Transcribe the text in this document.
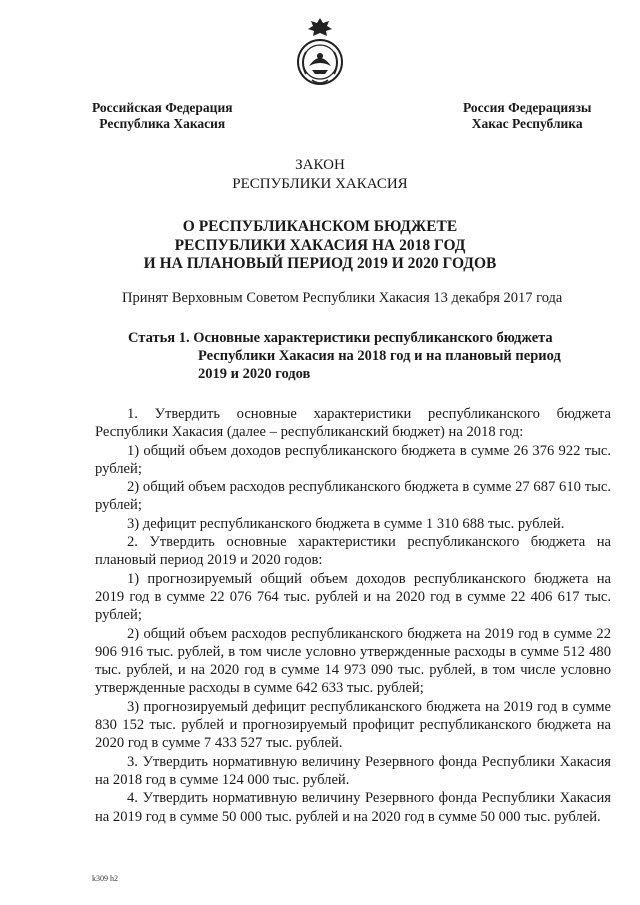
Российская Федерация
Республика Хакасия
Россия Федерациязы
Хакас Республика
ЗАКОН
РЕСПУБЛИКИ ХАКАСИЯ
О РЕСПУБЛИКАНСКОМ БЮДЖЕТЕ
РЕСПУБЛИКИ ХАКАСИЯ НА 2018 ГОД
И НА ПЛАНОВЫЙ ПЕРИОД 2019 И 2020 ГОДОВ
Принят Верховным Советом Республики Хакасия 13 декабря 2017 года
Статья 1. Основные характеристики республиканского бюджета
Республики Хакасия на 2018 год и на плановый период
2019 и 2020 годов

1. Утвердить основные характеристики республиканского бюджета Республики Хакасия (далее – республиканский бюджет) на 2018 год:

1) общий объем доходов республиканского бюджета в сумме 26 376 922 тыс. рублей;

2) общий объем расходов республиканского бюджета в сумме 27 687 610 тыс. рублей;

3) дефицит республиканского бюджета в сумме 1 310 688 тыс. рублей.

2. Утвердить основные характеристики республиканского бюджета на плановый период 2019 и 2020 годов:

1) прогнозируемый общий объем доходов республиканского бюджета на 2019 год в сумме 22 076 764 тыс. рублей и на 2020 год в сумме 22 406 617 тыс. рублей;

2) общий объем расходов республиканского бюджета на 2019 год в сумме 22 906 916 тыс. рублей, в том числе условно утвержденные расходы в сумме 512 480 тыс. рублей, и на 2020 год в сумме 14 973 090 тыс. рублей, в том числе условно утвержденные расходы в сумме 642 633 тыс. рублей;

3) прогнозируемый дефицит республиканского бюджета на 2019 год в сумме 830 152 тыс. рублей и прогнозируемый профицит республиканского бюджета на 2020 год в сумме 7 433 527 тыс. рублей.

3. Утвердить нормативную величину Резервного фонда Республики Хакасия на 2018 год в сумме 124 000 тыс. рублей.

4. Утвердить нормативную величину Резервного фонда Республики Хакасия на 2019 год в сумме 50 000 тыс. рублей и на 2020 год в сумме 50 000 тыс. рублей.

k309 h2
